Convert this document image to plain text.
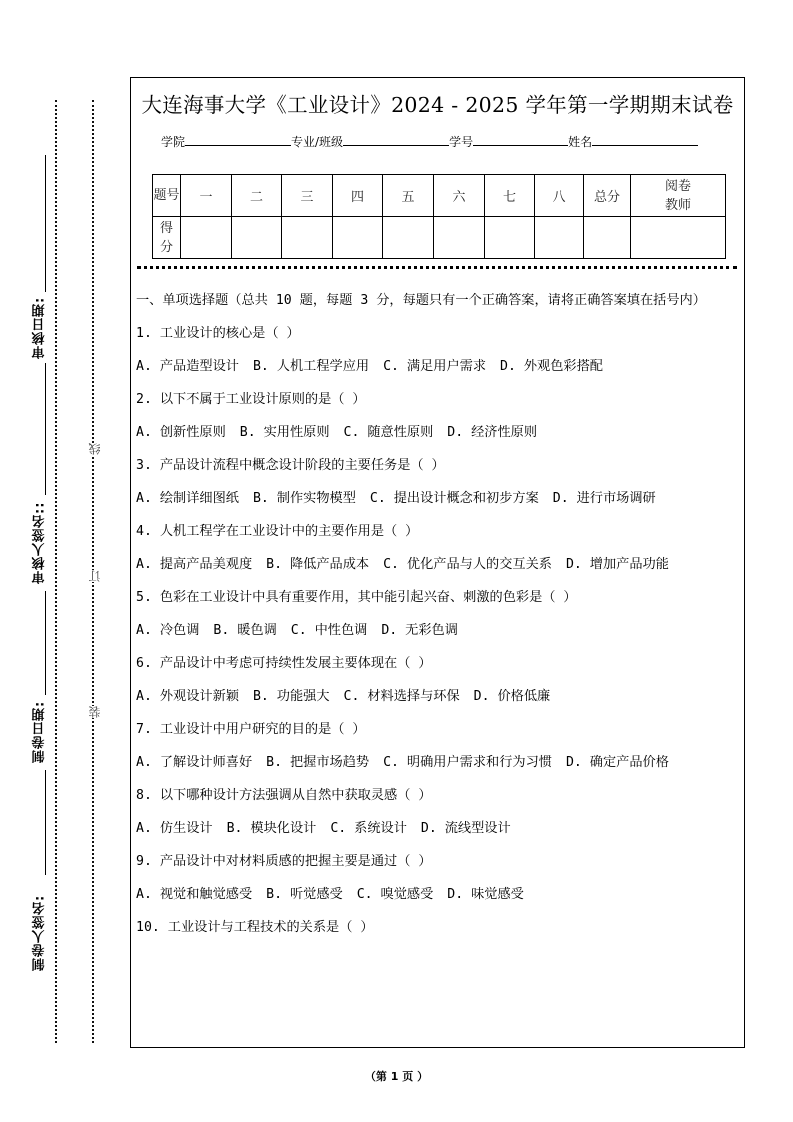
审核日期:
审核人签名::
制卷日期:
制卷人签名:
线
订
装
大连海事大学《工业设计》2024 - 2025 学年第一学期期末试卷
学院	专业/班级	学号	姓名
题号	一	二	三	四	五	六	七	八	总分	阅卷教师

得分										

一、单项选择题（总共 10 题，每题 3 分，每题只有一个正确答案，请将正确答案填在括号内）

1. 工业设计的核心是（ ）

A. 产品造型设计 B. 人机工程学应用 C. 满足用户需求 D. 外观色彩搭配

2. 以下不属于工业设计原则的是（ ）

A. 创新性原则 B. 实用性原则 C. 随意性原则 D. 经济性原则

3. 产品设计流程中概念设计阶段的主要任务是（ ）

A. 绘制详细图纸 B. 制作实物模型 C. 提出设计概念和初步方案 D. 进行市场调研

4. 人机工程学在工业设计中的主要作用是（ ）

A. 提高产品美观度 B. 降低产品成本 C. 优化产品与人的交互关系 D. 增加产品功能

5. 色彩在工业设计中具有重要作用，其中能引起兴奋、刺激的色彩是（ ）

A. 冷色调 B. 暖色调 C. 中性色调 D. 无彩色调

6. 产品设计中考虑可持续性发展主要体现在（ ）

A. 外观设计新颖 B. 功能强大 C. 材料选择与环保 D. 价格低廉

7. 工业设计中用户研究的目的是（ ）

A. 了解设计师喜好 B. 把握市场趋势 C. 明确用户需求和行为习惯 D. 确定产品价格

8. 以下哪种设计方法强调从自然中获取灵感（ ）

A. 仿生设计 B. 模块化设计 C. 系统设计 D. 流线型设计

9. 产品设计中对材料质感的把握主要是通过（ ）

A. 视觉和触觉感受 B. 听觉感受 C. 嗅觉感受 D. 味觉感受

10. 工业设计与工程技术的关系是（ ）

（第 1 页 ）
